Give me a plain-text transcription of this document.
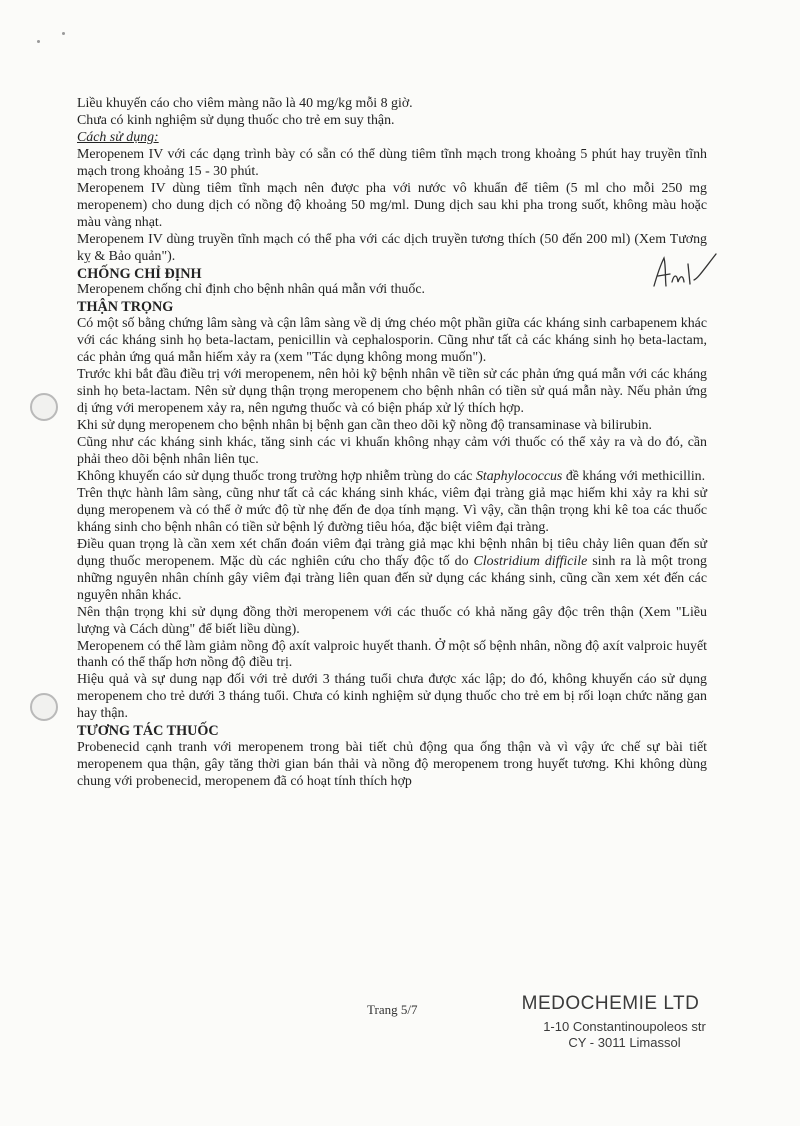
Liều khuyến cáo cho viêm màng não là 40 mg/kg mỗi 8 giờ.

Chưa có kinh nghiệm sử dụng thuốc cho trẻ em suy thận.

Cách sử dụng:

Meropenem IV với các dạng trình bày có sẵn có thể dùng tiêm tĩnh mạch trong khoảng 5 phút hay truyền tĩnh mạch trong khoảng 15 - 30 phút.

Meropenem IV dùng tiêm tĩnh mạch nên được pha với nước vô khuẩn để tiêm (5 ml cho mỗi 250 mg meropenem) cho dung dịch có nồng độ khoảng 50 mg/ml. Dung dịch sau khi pha trong suốt, không màu hoặc màu vàng nhạt.

Meropenem IV dùng truyền tĩnh mạch có thể pha với các dịch truyền tương thích (50 đến 200 ml) (Xem Tương kỵ & Bảo quản").

CHỐNG CHỈ ĐỊNH

Meropenem chống chỉ định cho bệnh nhân quá mẫn với thuốc.

THẬN TRỌNG

Có một số bằng chứng lâm sàng và cận lâm sàng về dị ứng chéo một phần giữa các kháng sinh carbapenem khác với các kháng sinh họ beta-lactam, penicillin và cephalosporin. Cũng như tất cả các kháng sinh họ beta-lactam, các phản ứng quá mẫn hiếm xảy ra (xem "Tác dụng không mong muốn").

Trước khi bắt đầu điều trị với meropenem, nên hỏi kỹ bệnh nhân về tiền sử các phản ứng quá mẫn với các kháng sinh họ beta-lactam. Nên sử dụng thận trọng meropenem cho bệnh nhân có tiền sử quá mẫn này. Nếu phản ứng dị ứng với meropenem xảy ra, nên ngưng thuốc và có biện pháp xử lý thích hợp.

Khi sử dụng meropenem cho bệnh nhân bị bệnh gan cần theo dõi kỹ nồng độ transaminase và bilirubin.

Cũng như các kháng sinh khác, tăng sinh các vi khuẩn không nhạy cảm với thuốc có thể xảy ra và do đó, cần phải theo dõi bệnh nhân liên tục.

Không khuyến cáo sử dụng thuốc trong trường hợp nhiễm trùng do các Staphylococcus đề kháng với methicillin.

Trên thực hành lâm sàng, cũng như tất cả các kháng sinh khác, viêm đại tràng giả mạc hiếm khi xảy ra khi sử dụng meropenem và có thể ở mức độ từ nhẹ đến đe dọa tính mạng. Vì vậy, cần thận trọng khi kê toa các thuốc kháng sinh cho bệnh nhân có tiền sử bệnh lý đường tiêu hóa, đặc biệt viêm đại tràng.

Điều quan trọng là cần xem xét chẩn đoán viêm đại tràng giả mạc khi bệnh nhân bị tiêu chảy liên quan đến sử dụng thuốc meropenem. Mặc dù các nghiên cứu cho thấy độc tố do Clostridium difficile sinh ra là một trong những nguyên nhân chính gây viêm đại tràng liên quan đến sử dụng các kháng sinh, cũng cần xem xét đến các nguyên nhân khác.

Nên thận trọng khi sử dụng đồng thời meropenem với các thuốc có khả năng gây độc trên thận (Xem "Liều lượng và Cách dùng" để biết liều dùng).

Meropenem có thể làm giảm nồng độ axít valproic huyết thanh. Ở một số bệnh nhân, nồng độ axít valproic huyết thanh có thể thấp hơn nồng độ điều trị.

Hiệu quả và sự dung nạp đối với trẻ dưới 3 tháng tuổi chưa được xác lập; do đó, không khuyến cáo sử dụng meropenem cho trẻ dưới 3 tháng tuổi. Chưa có kinh nghiệm sử dụng thuốc cho trẻ em bị rối loạn chức năng gan hay thận.

TƯƠNG TÁC THUỐC

Probenecid cạnh tranh với meropenem trong bài tiết chủ động qua ống thận và vì vậy ức chế sự bài tiết meropenem qua thận, gây tăng thời gian bán thải và nồng độ meropenem trong huyết tương. Khi không dùng chung với probenecid, meropenem đã có hoạt tính thích hợp

Trang 5/7	MEDOCHEMIE LTD
1-10 Constantinoupoleos str
CY - 3011 Limassol
